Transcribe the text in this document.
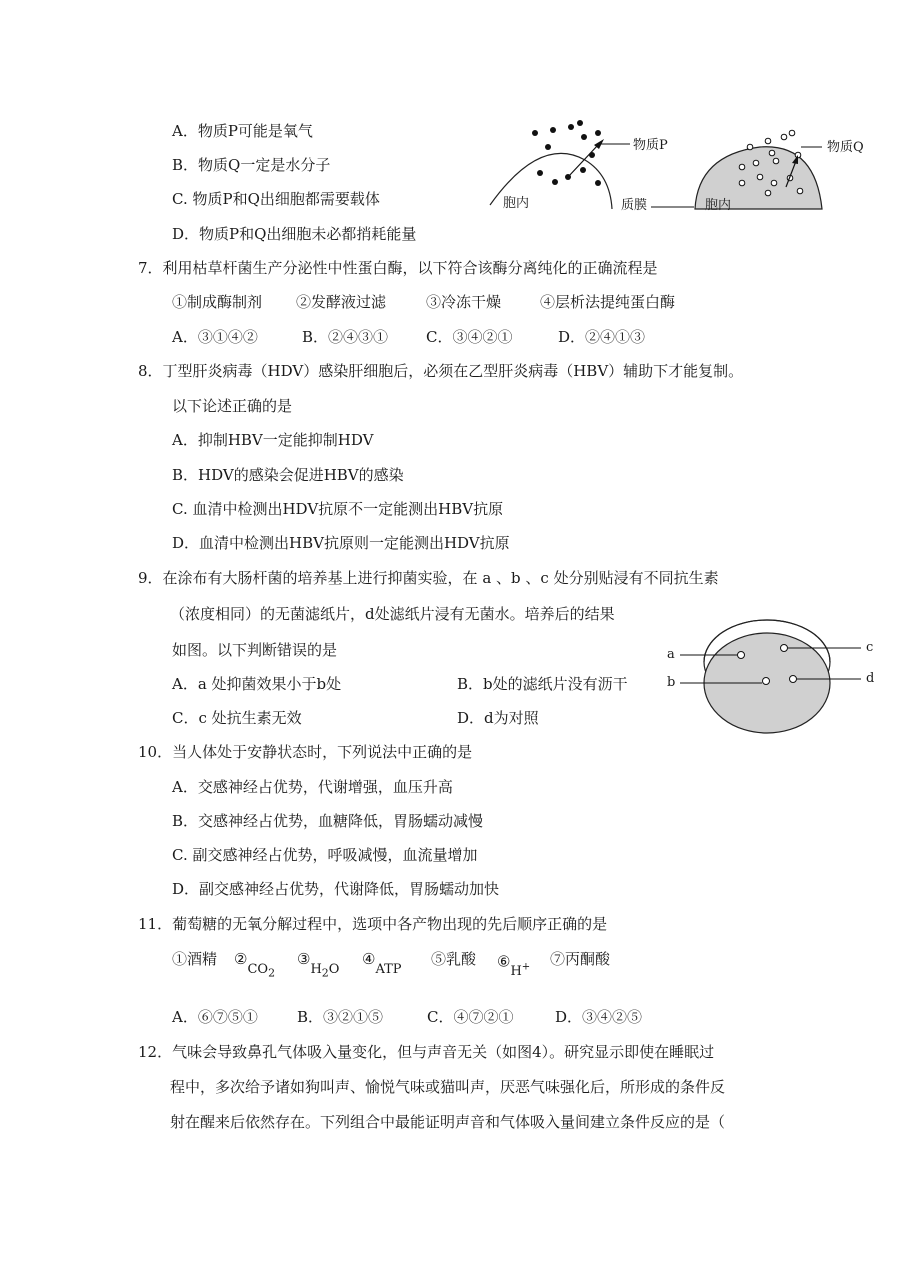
A．物质P可能是氧气
B．物质Q一定是水分子
C. 物质P和Q出细胞都需要载体
D．物质P和Q出细胞未必都捎耗能量
物质P	物质Q
胞内	质膜	胞内
7．利用枯草杆菌生产分泌性中性蛋白酶，以下符合该酶分离纯化的正确流程是
①制成酶制剂 ②发酵液过滤	③冷冻干燥	④层析法提纯蛋白酶
A．③①④②	B．②④③①	C．③④②①	D．②④①③
8．丁型肝炎病毒（HDV）感染肝细胞后，必须在乙型肝炎病毒（HBV）辅助下才能复制。
以下论述正确的是
A．抑制HBV一定能抑制HDV
B．HDV的感染会促进HBV的感染
C. 血清中检测出HDV抗原不一定能测出HBV抗原
D．血清中检测出HBV抗原则一定能测出HDV抗原
9．在涂布有大肠杆菌的培养基上进行抑菌实验，在 a 、b 、c 处分别贴浸有不同抗生素
（浓度相同）的无菌滤纸片，d处滤纸片浸有无菌水。培养后的结果
如图。以下判断错误的是
A．a 处抑菌效果小于b处	B．b处的滤纸片没有沥干
C．c 处抗生素无效	D．d为对照
a	c
b	d
10．当人体处于安静状态时，下列说法中正确的是
A．交感神经占优势，代谢增强，血压升高
B．交感神经占优势，血糖降低，胃肠蠕动减慢
C. 副交感神经占优势，呼吸减慢，血流量增加
D．副交感神经占优势，代谢降低，胃肠蠕动加快
11．葡萄糖的无氧分解过程中，选项中各产物出现的先后顺序正确的是
①酒精 $②CO_2$
$③H_2O$
④ATP
⑤乳酸 ⑥H+ ⑦丙酮酸
A．⑥⑦⑤①	B．③②①⑤	C．④⑦②①	D．③④②⑤
12．气味会导致鼻孔气体吸入量变化，但与声音无关（如图4）。研究显示即使在睡眠过
程中，多次给予诸如狗叫声、愉悦气味或猫叫声，厌恶气味强化后，所形成的条件反
射在醒来后依然存在。下列组合中最能证明声音和气体吸入量间建立条件反应的是（
